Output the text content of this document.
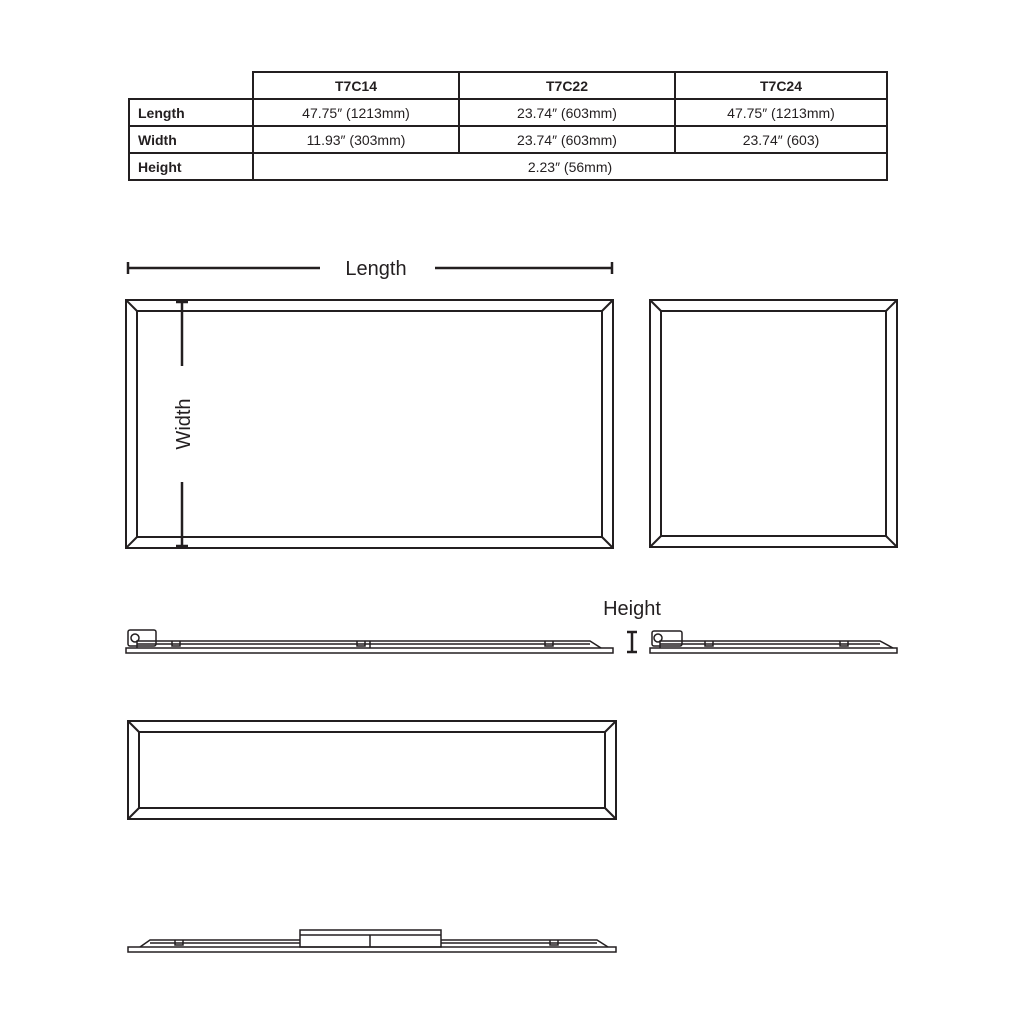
	T7C14	T7C22	T7C24
Length	47.75″ (1213mm)	23.74″ (603mm)	47.75″ (1213mm)
Width	11.93″ (303mm)	23.74″ (603mm)	23.74″ (603)
Height	2.23″ (56mm)		
Length
Width
Height
